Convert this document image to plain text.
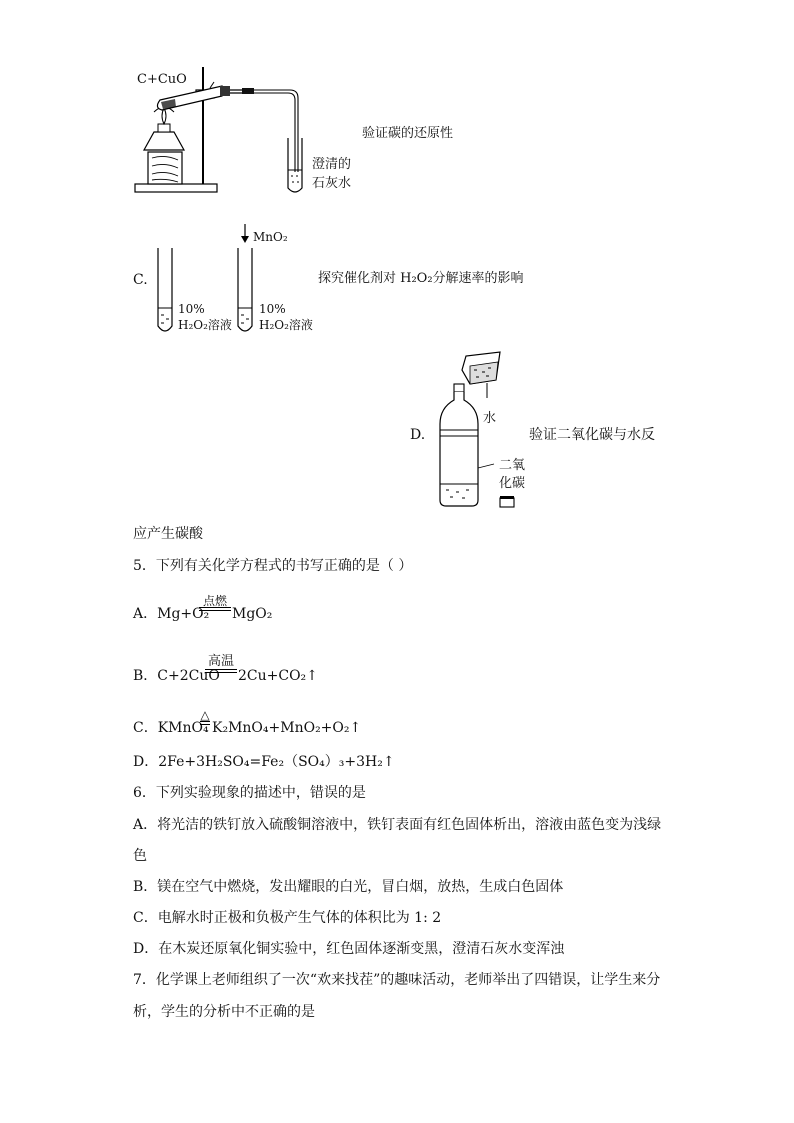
C+CuO
澄清的
石灰水
验证碳的还原性
C.
MnO₂
10%
H₂O₂溶液
10%
H₂O₂溶液
探究催化剂对 H₂O₂分解速率的影响
D.
水
二氧
化碳
验证二氧化碳与水反
应产生碳酸
5．下列有关化学方程式的书写正确的是（ ）
A．Mg+O₂
点燃
MgO₂
B．C+2CuO
高温
2Cu+CO₂↑
C．KMnO₄
△
K₂MnO₄+MnO₂+O₂↑
D．2Fe+3H₂SO₄=Fe₂（SO₄）₃+3H₂↑
6．下列实验现象的描述中，错误的是
A．将光洁的铁钉放入硫酸铜溶液中，铁钉表面有红色固体析出，溶液由蓝色变为浅绿
色
B．镁在空气中燃烧，发出耀眼的白光，冒白烟，放热，生成白色固体
C．电解水时正极和负极产生气体的体积比为 1: 2
D．在木炭还原氧化铜实验中，红色固体逐渐变黑，澄清石灰水变浑浊
7．化学课上老师组织了一次“欢来找茬”的趣味活动，老师举出了四错误，让学生来分
析，学生的分析中不正确的是
